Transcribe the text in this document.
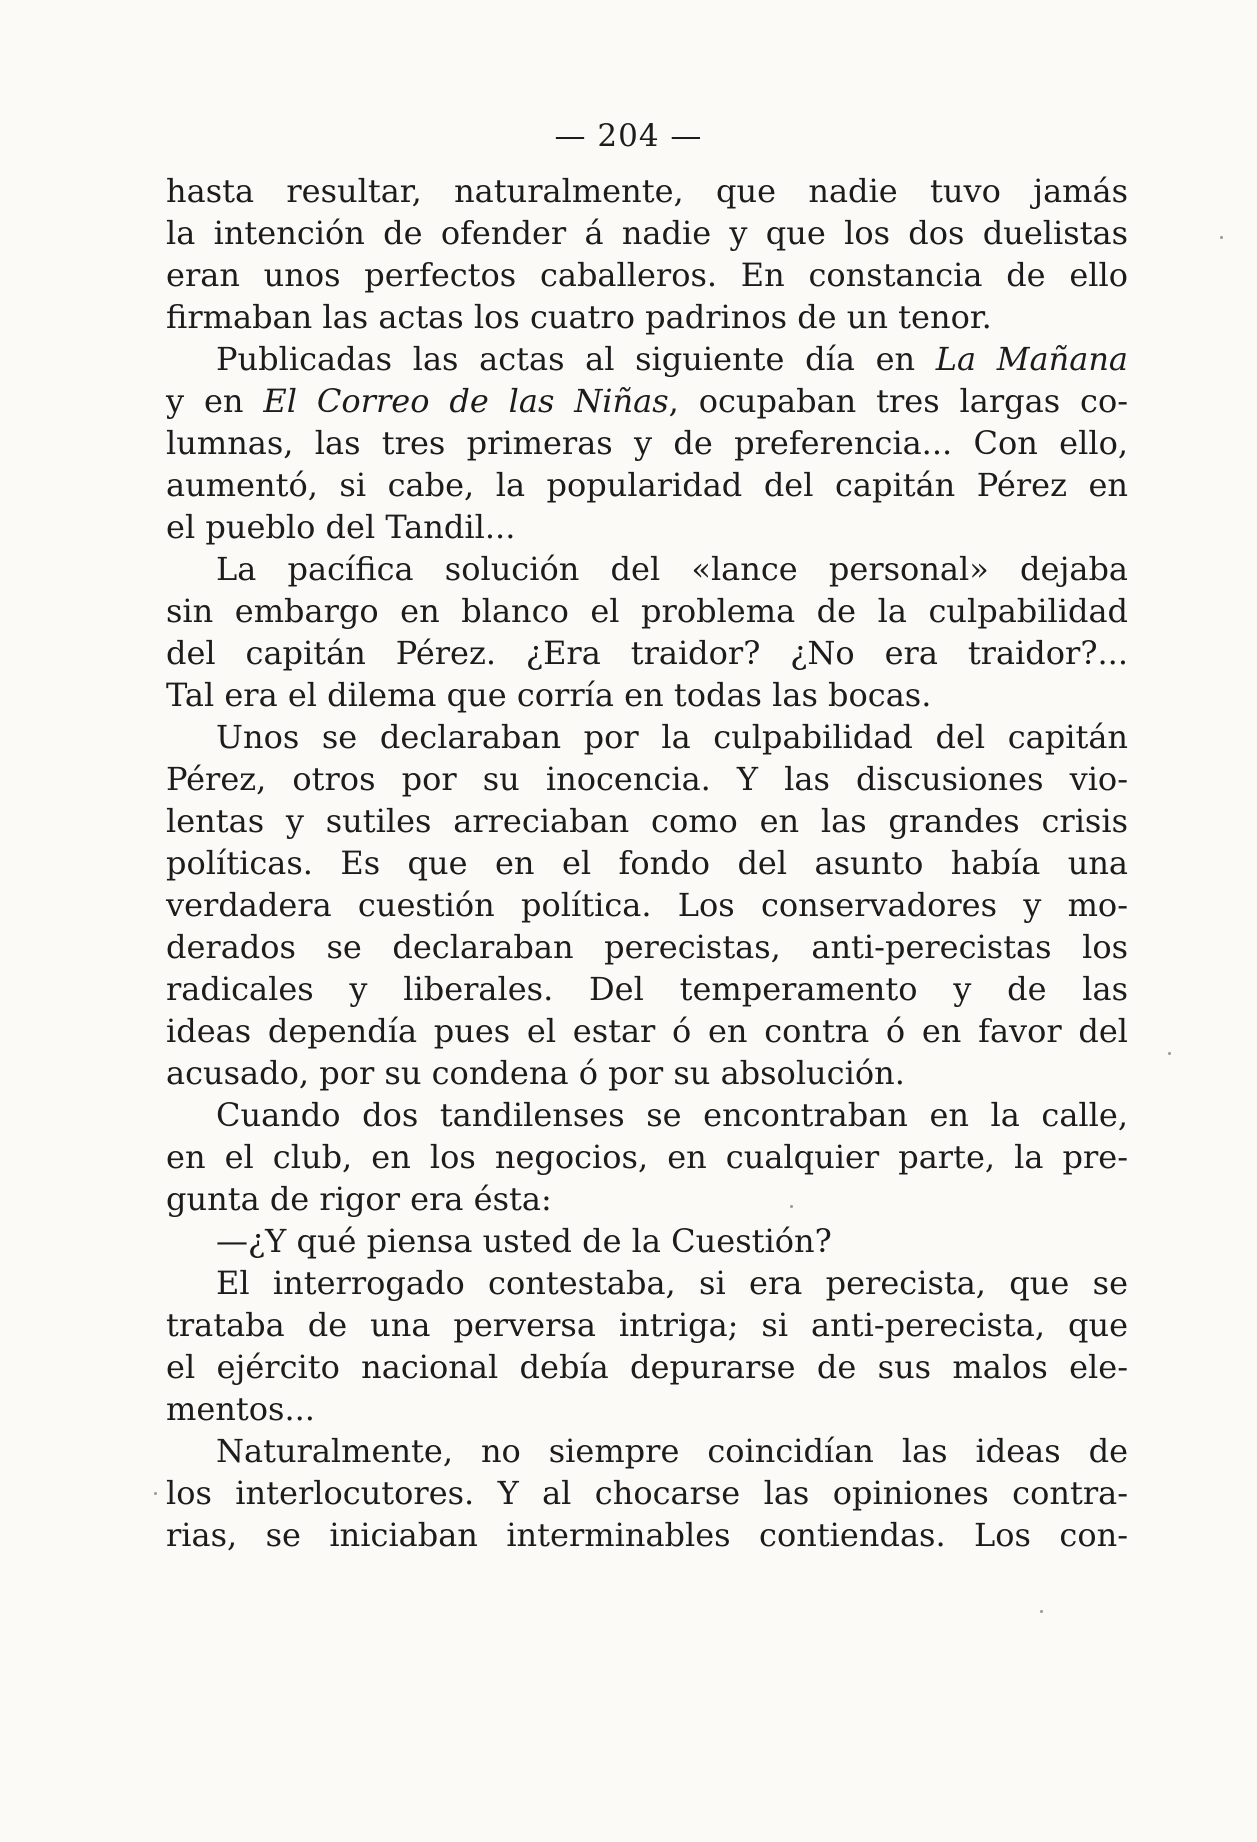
— 204 —
hasta resultar, naturalmente, que nadie tuvo jamás
la intención de ofender á nadie y que los dos duelistas
eran unos perfectos caballeros. En constancia de ello
firmaban las actas los cuatro padrinos de un tenor.
Publicadas las actas al siguiente día en La Mañana
y en El Correo de las Niñas, ocupaban tres largas co-
lumnas, las tres primeras y de preferencia... Con ello,
aumentó, si cabe, la popularidad del capitán Pérez en
el pueblo del Tandil...
La pacífica solución del «lance personal» dejaba
sin embargo en blanco el problema de la culpabilidad
del capitán Pérez. ¿Era traidor? ¿No era traidor?...
Tal era el dilema que corría en todas las bocas.
Unos se declaraban por la culpabilidad del capitán
Pérez, otros por su inocencia. Y las discusiones vio-
lentas y sutiles arreciaban como en las grandes crisis
políticas. Es que en el fondo del asunto había una
verdadera cuestión política. Los conservadores y mo-
derados se declaraban perecistas, anti-perecistas los
radicales y liberales. Del temperamento y de las
ideas dependía pues el estar ó en contra ó en favor del
acusado, por su condena ó por su absolución.
Cuando dos tandilenses se encontraban en la calle,
en el club, en los negocios, en cualquier parte, la pre-
gunta de rigor era ésta:
—¿Y qué piensa usted de la Cuestión?
El interrogado contestaba, si era perecista, que se
trataba de una perversa intriga; si anti-perecista, que
el ejército nacional debía depurarse de sus malos ele-
mentos...
Naturalmente, no siempre coincidían las ideas de
los interlocutores. Y al chocarse las opiniones contra-
rias, se iniciaban interminables contiendas. Los con-
